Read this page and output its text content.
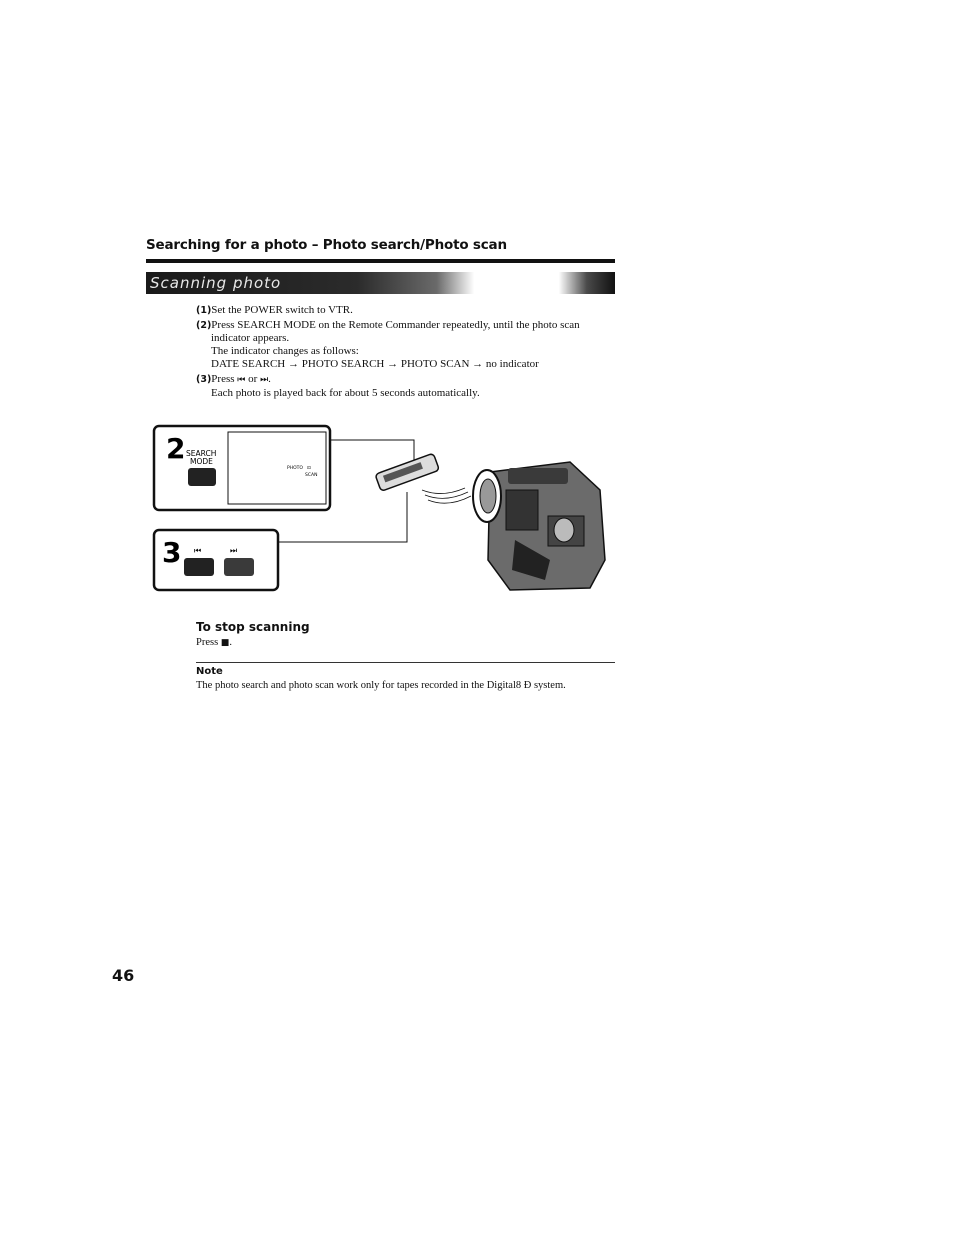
Searching for a photo – Photo search/Photo scan
Scanning photo
(1)Set the POWER switch to VTR.
(2)Press SEARCH MODE on the Remote Commander repeatedly, until the photo scan
indicator appears.
The indicator changes as follows:
DATE SEARCH → PHOTO SEARCH → PHOTO SCAN → no indicator
(3)Press ⏮ or ⏭.
Each photo is played back for about 5 seconds automatically.
2 SEARCH
MODE
PHOTO ⊡
SCAN
3 ⏮	⏭
To stop scanning
Press ■.
Note
The photo search and photo scan work only for tapes recorded in the Digital8 Ð system.
46
